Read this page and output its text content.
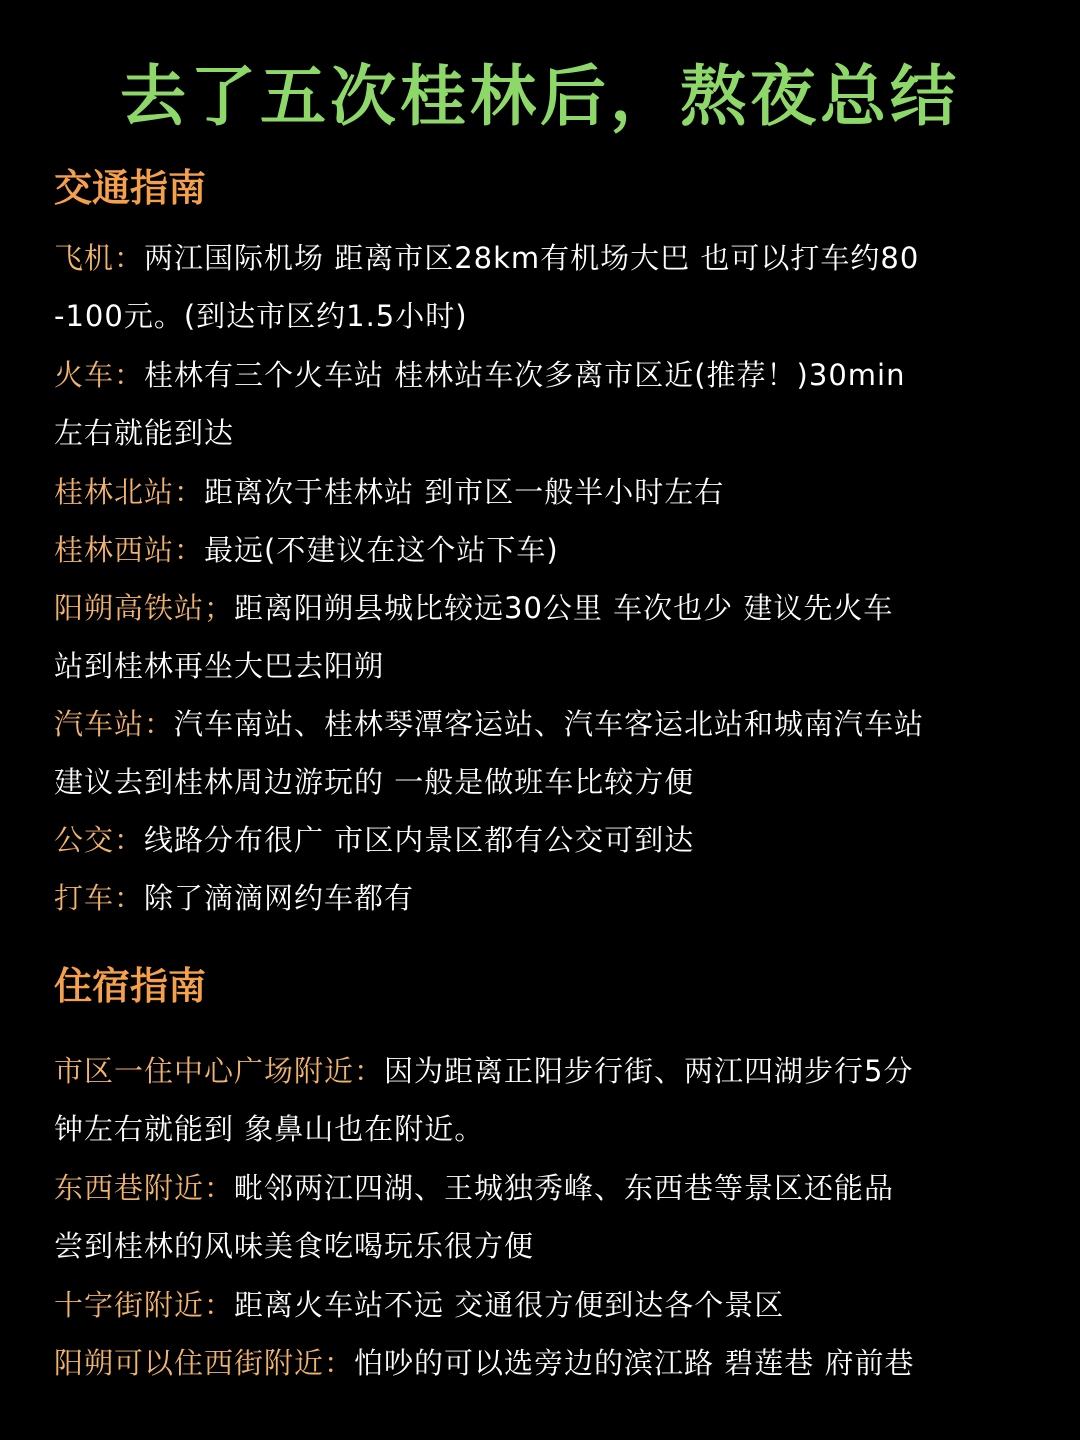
去了五次桂林后，熬夜总结
交通指南
飞机：两江国际机场 距离市区28km有机场大巴 也可以打车约80
-100元。(到达市区约1.5小时)
火车：桂林有三个火车站 桂林站车次多离市区近(推荐！)30min
左右就能到达
桂林北站：距离次于桂林站 到市区一般半小时左右
桂林西站：最远(不建议在这个站下车)
阳朔高铁站；距离阳朔县城比较远30公里 车次也少 建议先火车
站到桂林再坐大巴去阳朔
汽车站：汽车南站、桂林琴潭客运站、汽车客运北站和城南汽车站
建议去到桂林周边游玩的 一般是做班车比较方便
公交：线路分布很广 市区内景区都有公交可到达
打车：除了滴滴网约车都有
住宿指南
市区一住中心广场附近：因为距离正阳步行街、两江四湖步行5分
钟左右就能到 象鼻山也在附近。
东西巷附近：毗邻两江四湖、王城独秀峰、东西巷等景区还能品
尝到桂林的风味美食吃喝玩乐很方便
十字街附近：距离火车站不远 交通很方便到达各个景区
阳朔可以住西街附近：怕吵的可以选旁边的滨江路 碧莲巷 府前巷
